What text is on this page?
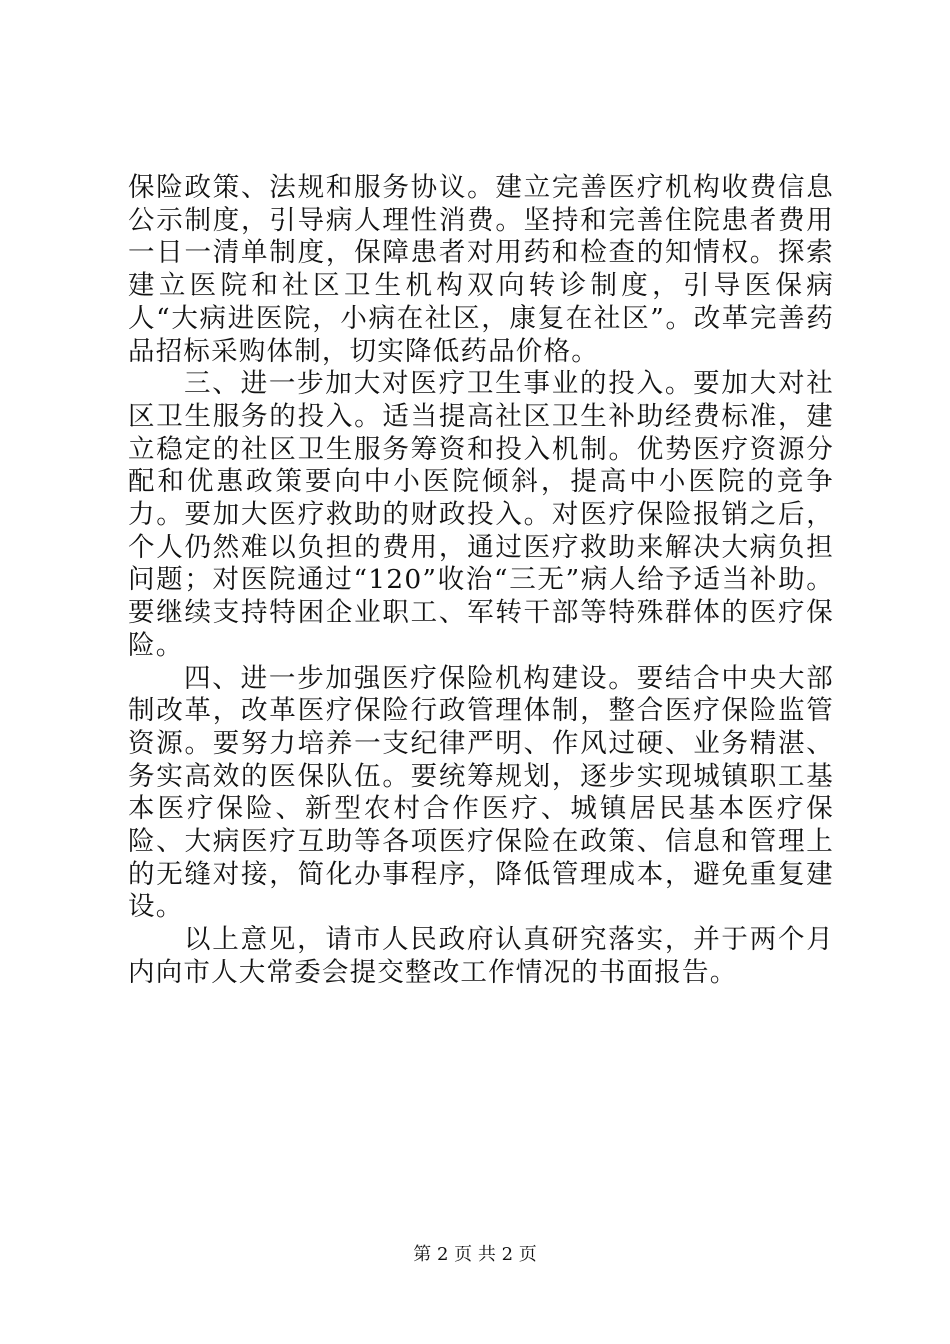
保险政策、法规和服务协议。建立完善医疗机构收费信息公示制度，引导病人理性消费。坚持和完善住院患者费用一日一清单制度，保障患者对用药和检查的知情权。探索建立医院和社区卫生机构双向转诊制度，引导医保病人“大病进医院，小病在社区，康复在社区”。改革完善药品招标采购体制，切实降低药品价格。

三、进一步加大对医疗卫生事业的投入。要加大对社区卫生服务的投入。适当提高社区卫生补助经费标准，建立稳定的社区卫生服务筹资和投入机制。优势医疗资源分配和优惠政策要向中小医院倾斜，提高中小医院的竞争力。要加大医疗救助的财政投入。对医疗保险报销之后，个人仍然难以负担的费用，通过医疗救助来解决大病负担问题；对医院通过“120”收治“三无”病人给予适当补助。要继续支持特困企业职工、军转干部等特殊群体的医疗保险。

四、进一步加强医疗保险机构建设。要结合中央大部制改革，改革医疗保险行政管理体制，整合医疗保险监管资源。要努力培养一支纪律严明、作风过硬、业务精湛、务实高效的医保队伍。要统筹规划，逐步实现城镇职工基本医疗保险、新型农村合作医疗、城镇居民基本医疗保险、大病医疗互助等各项医疗保险在政策、信息和管理上的无缝对接，简化办事程序，降低管理成本，避免重复建设。

以上意见，请市人民政府认真研究落实，并于两个月内向市人大常委会提交整改工作情况的书面报告。

第 2 页 共 2 页
